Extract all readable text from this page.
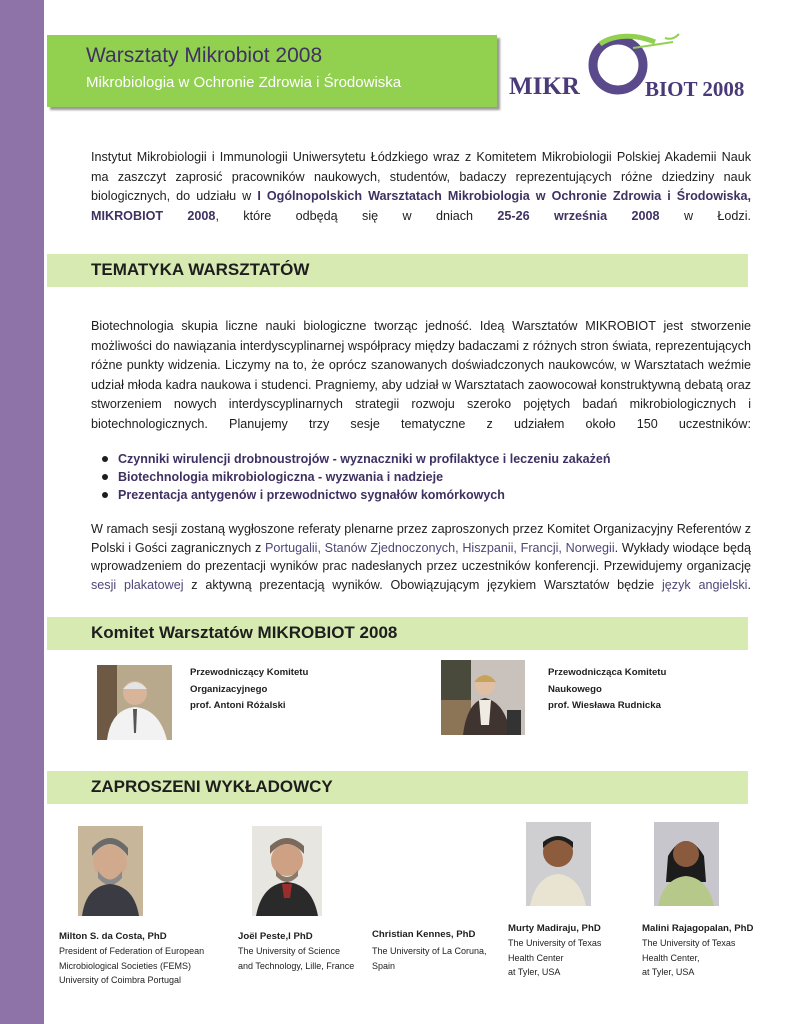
Warsztaty Mikrobiot 2008
Mikrobiologia w Ochronie Zdrowia i Środowiska	MIKR	BIOT 2008
Instytut Mikrobiologii i Immunologii Uniwersytetu Łódzkiego wraz z Komitetem Mikrobiologii Polskiej Akademii Nauk ma zaszczyt zaprosić pracowników naukowych, studentów, badaczy reprezentujących różne dziedziny nauk biologicznych, do udziału w I Ogólnopolskich Warsztatach Mikrobiologia w Ochronie Zdrowia i Środowiska, MIKROBIOT 2008, które odbędą się w dniach 25-26 września 2008 w Łodzi.
TEMATYKA WARSZTATÓW
Biotechnologia skupia liczne nauki biologiczne tworząc jedność. Ideą Warsztatów MIKROBIOT jest stworzenie możliwości do nawiązania interdyscyplinarnej współpracy między badaczami z różnych stron świata, reprezentujących różne punkty widzenia. Liczymy na to, że oprócz szanowanych doświadczonych naukowców, w Warsztatach weźmie udział młoda kadra naukowa i studenci. Pragniemy, aby udział w Warsztatach zaowocował konstruktywną debatą oraz stworzeniem nowych interdyscyplinarnych strategii rozwoju szeroko pojętych badań mikrobiologicznych i biotechnologicznych. Planujemy trzy sesje tematyczne z udziałem około 150 uczestników:
Czynniki wirulencji drobnoustrojów - wyznaczniki w profilaktyce i leczeniu zakażeń
Biotechnologia mikrobiologiczna - wyzwania i nadzieje
Prezentacja antygenów i przewodnictwo sygnałów komórkowych
W ramach sesji zostaną wygłoszone referaty plenarne przez zaproszonych przez Komitet Organizacyjny Referentów z Polski i Gości zagranicznych z Portugalii, Stanów Zjednoczonych, Hiszpanii, Francji, Norwegii. Wykłady wiodące będą wprowadzeniem do prezentacji wyników prac nadesłanych przez uczestników konferencji. Przewidujemy organizację sesji plakatowej z aktywną prezentacją wyników. Obowiązującym językiem Warsztatów będzie język angielski.
Komitet Warsztatów MIKROBIOT 2008
Przewodniczący Komitetu
Organizacyjnego
prof. Antoni Różalski
Przewodnicząca Komitetu
Naukowego
prof. Wiesława Rudnicka
ZAPROSZENI WYKŁADOWCY
Milton S. da Costa, PhD
President of Federation of European
Microbiological Societies (FEMS)
University of Coimbra Portugal
Joël Peste,l PhD
The University of Science
and Technology, Lille, France
Christian Kennes, PhD
The University of La Coruna,
Spain
Murty Madiraju, PhD
The University of Texas
Health Center
at Tyler, USA
Malini Rajagopalan, PhD
The University of Texas
Health Center,
at Tyler, USA
